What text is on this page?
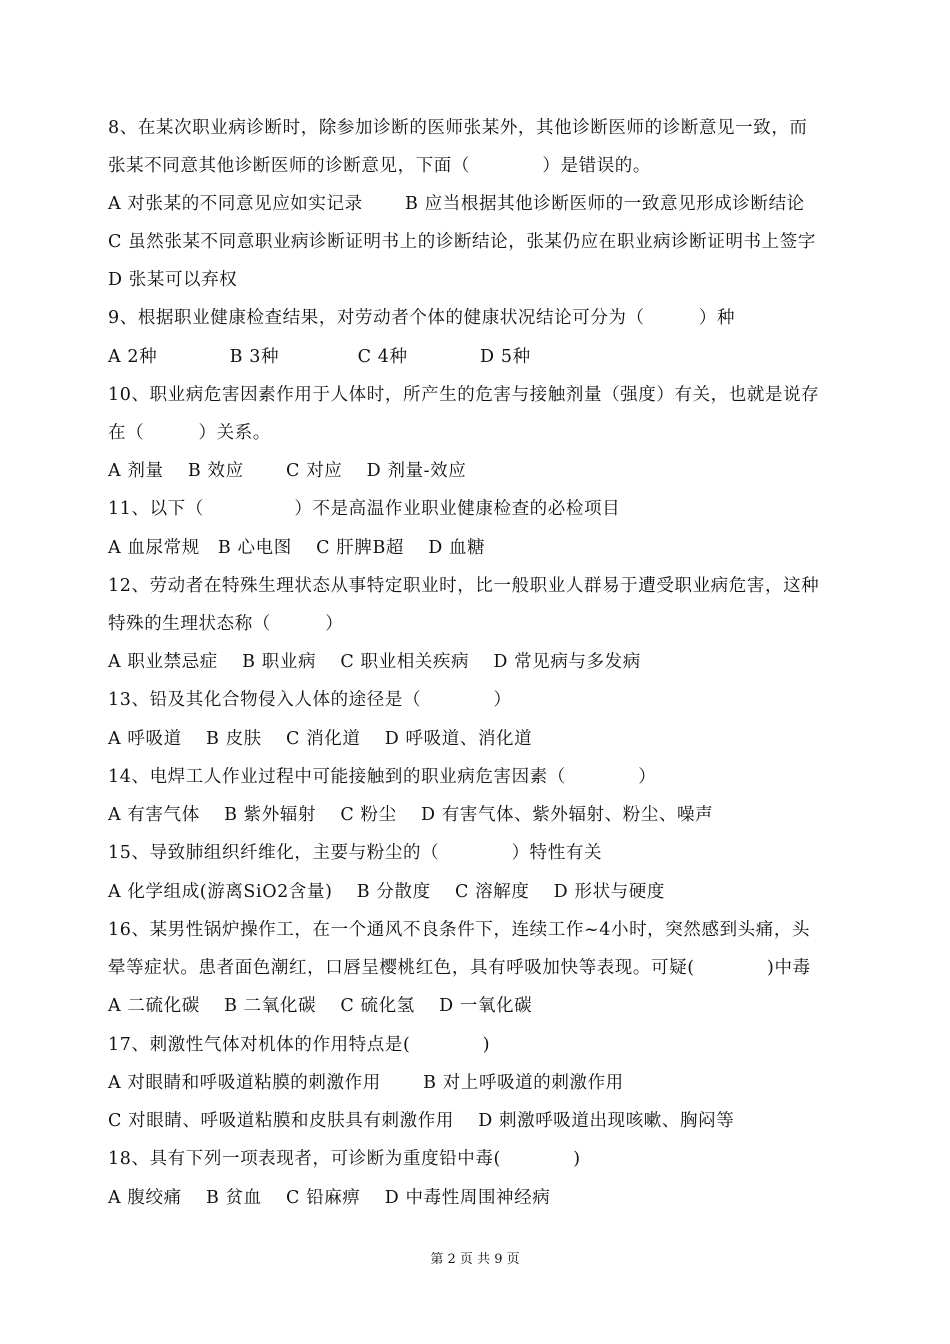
8、在某次职业病诊断时，除参加诊断的医师张某外，其他诊断医师的诊断意见一致，而
张某不同意其他诊断医师的诊断意见，下面（　　　　）是错误的。
A 对张某的不同意见应如实记录　　 B 应当根据其他诊断医师的一致意见形成诊断结论
C 虽然张某不同意职业病诊断证明书上的诊断结论，张某仍应在职业病诊断证明书上签字
D 张某可以弃权
9、根据职业健康检查结果，对劳动者个体的健康状况结论可分为（　　　）种
A 2种　　　　B 3种　　　　 C 4种　　　　D 5种
10、职业病危害因素作用于人体时，所产生的危害与接触剂量（强度）有关，也就是说存
在（　　　）关系。
A 剂量　 B 效应　　 C 对应　 D 剂量-效应
11、以下（　　　　　）不是高温作业职业健康检查的必检项目
A 血尿常规　B 心电图　 C 肝脾B超　 D 血糖
12、劳动者在特殊生理状态从事特定职业时，比一般职业人群易于遭受职业病危害，这种
特殊的生理状态称（　　　）
A 职业禁忌症　 B 职业病　 C 职业相关疾病　 D 常见病与多发病
13、铅及其化合物侵入人体的途径是（　　　　）
A 呼吸道　 B 皮肤　 C 消化道　 D 呼吸道、消化道
14、电焊工人作业过程中可能接触到的职业病危害因素（　　　　）
A 有害气体　 B 紫外辐射　 C 粉尘　 D 有害气体、紫外辐射、粉尘、噪声
15、导致肺组织纤维化，主要与粉尘的（　　　　）特性有关
A 化学组成(游离SiO2含量)　 B 分散度　 C 溶解度　 D 形状与硬度
16、某男性锅炉操作工，在一个通风不良条件下，连续工作~4小时，突然感到头痛，头
晕等症状。患者面色潮红，口唇呈樱桃红色，具有呼吸加快等表现。可疑(　　　　)中毒
A 二硫化碳　 B 二氧化碳　 C 硫化氢　 D 一氧化碳
17、刺激性气体对机体的作用特点是(　　　　)
A 对眼睛和呼吸道粘膜的刺激作用　　 B 对上呼吸道的刺激作用
C 对眼睛、呼吸道粘膜和皮肤具有刺激作用　 D 刺激呼吸道出现咳嗽、胸闷等
18、具有下列一项表现者，可诊断为重度铅中毒(　　　　)
A 腹绞痛　 B 贫血　 C 铅麻痹　 D 中毒性周围神经病
第 2 页 共 9 页
